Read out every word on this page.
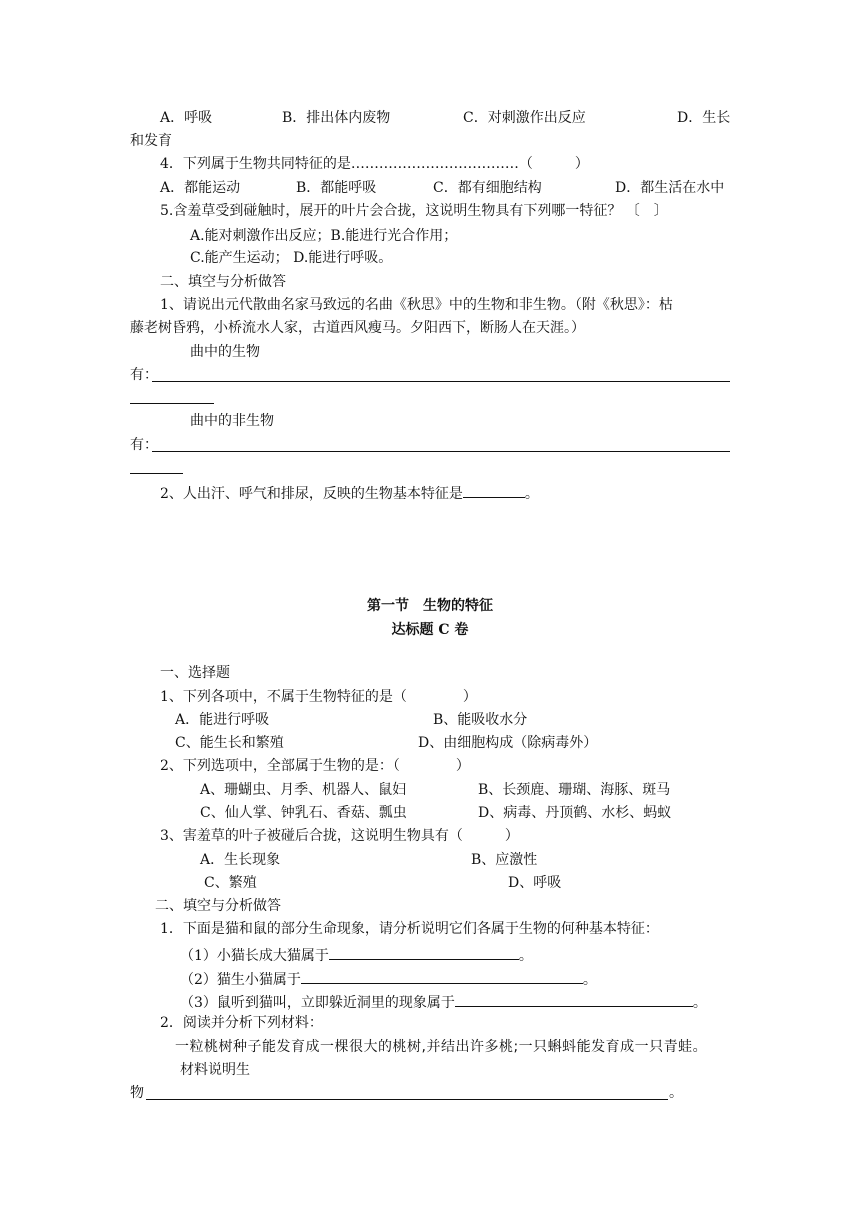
A．呼吸	B．排出体内废物	C．对刺激作出反应	D．生长
和发育
4．下列属于生物共同特征的是………………………………（　　　）
A．都能运动	B．都能呼吸	C．都有细胞结构	D．都生活在水中
5.含羞草受到碰触时，展开的叶片会合拢，这说明生物具有下列哪一特征？ 〔　〕
A.能对刺激作出反应；B.能进行光合作用；
C.能产生运动； D.能进行呼吸。
二、填空与分析做答
1、请说出元代散曲名家马致远的名曲《秋思》中的生物和非生物。（附《秋思》：枯
藤老树昏鸦，小桥流水人家，古道西风瘦马。夕阳西下，断肠人在天涯。）
曲中的生物
有：
曲中的非生物
有：
2、人出汗、呼气和排尿，反映的生物基本特征是	。
第一节　生物的特征
达标题 C 卷
一、选择题
1、下列各项中，不属于生物特征的是（　　　　）
A．能进行呼吸	B、能吸收水分
C、能生长和繁殖	D、由细胞构成（除病毒外）
2、下列选项中，全部属于生物的是：（　　　　）
A、珊蝴虫、月季、机器人、鼠妇	B、长颈鹿、珊瑚、海豚、斑马
C、仙人掌、钟乳石、香菇、瓢虫	D、病毒、丹顶鹤、水杉、蚂蚁
3、害羞草的叶子被碰后合拢，这说明生物具有（　　　）
A．生长现象	B、应激性
C、繁殖	D、呼吸
二、填空与分析做答
1．下面是猫和鼠的部分生命现象，请分析说明它们各属于生物的何种基本特征：
（1）小猫长成大猫属于	。
（2）猫生小猫属于	。
（3）鼠听到猫叫，立即躲近洞里的现象属于	。
2．阅读并分析下列材料：
一粒桃树种子能发育成一棵很大的桃树,并结出许多桃;一只蝌蚪能发育成一只青蛙。
材料说明生
物	。
